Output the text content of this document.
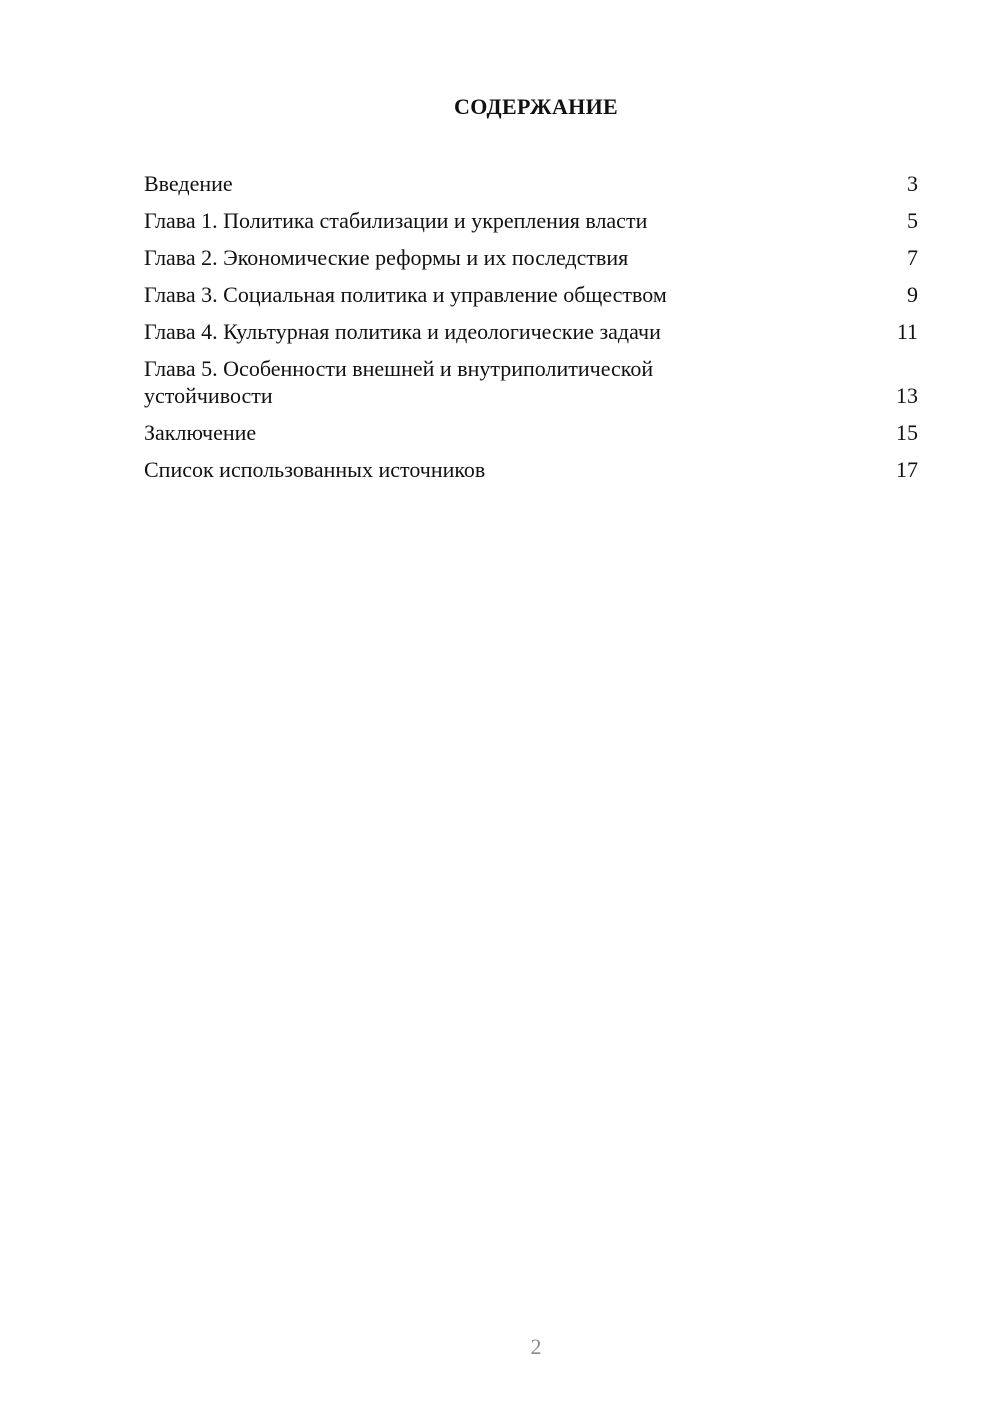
СОДЕРЖАНИЕ
Введение	3
Глава 1. Политика стабилизации и укрепления власти	5
Глава 2. Экономические реформы и их последствия	7
Глава 3. Социальная политика и управление обществом	9
Глава 4. Культурная политика и идеологические задачи	11
Глава 5. Особенности внешней и внутриполитической устойчивости	13
Заключение	15
Список использованных источников	17
2
